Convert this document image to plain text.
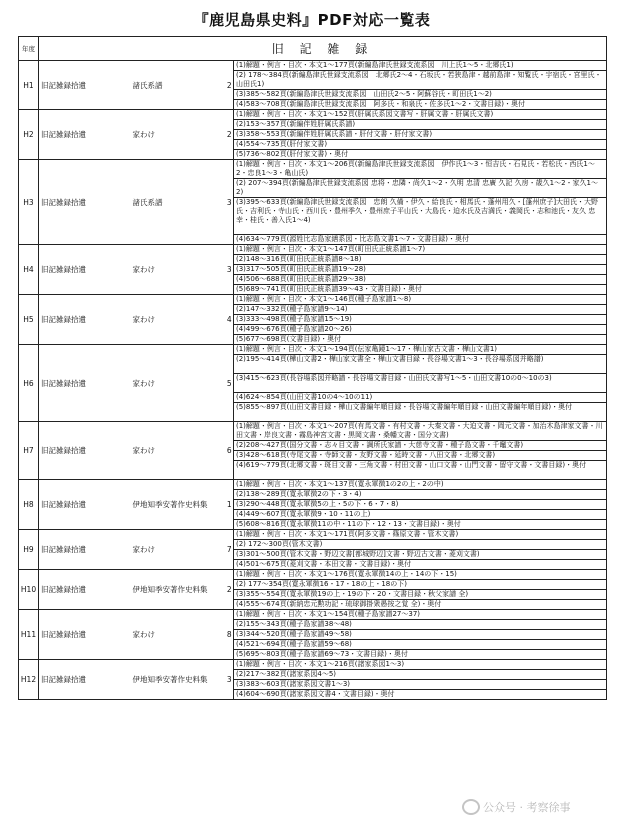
『鹿児島県史料』PDF対応一覧表
年度	旧 記 雑 録			
H1	旧記雑録拾遺	諸氏系譜	2	(1)解題・例言・目次・本文1～177頁(新編島津氏世録支流系図　川上氏1～5・北郷氏1)
(2) 178～384頁(新編島津氏世録支流系図　北郷氏2～4・石坂氏・若狭島津・越前島津・知覧氏・宇宿氏・宮里氏・山田氏1)
(3)385～582頁(新編島津氏世録支流系図　山田氏2～5・阿蘇谷氏・町田氏1～2)
(4)583～708頁(新編島津氏世録支流系図　阿多氏・和泉氏・佐多氏1～2・文書目録)・奥付

H2	旧記雑録拾遺	家わけ	2	(1)解題・例言・目次・本文1～152頁(肝属氏系図文書写・肝属文書・肝属氏文書)
(2)153～357頁(新編伴姓肝属氏系譜)
(3)358～553頁(新編伴姓肝属氏系譜・肝付文書・肝付家文書)
(4)554～735頁(肝付家文書)
(5)736～802頁(肝付家文書)・奥付

H3	旧記雑録拾遺	諸氏系譜	3	(1)解題・例言・目次・本文1～206頁(新編島津氏世録支流系図　伊作氏1～3・恒吉氏・石見氏・若松氏・西氏1～2・忠良1～3・亀山氏)
(2) 207～394頁(新編島津氏世録支流系図 忠将・忠隣・尚久1～2・久明 忠清 忠廣 久記 久房・歳久1～2・家久1～2)
(3)395～633頁(新編島津氏世録支流系図　忠朗 久備・伊久・給良氏・相馬氏・蓬州用久・[蓬州庶子]大田氏・大野氏・吉利氏・寺山氏・西川氏・豊州季久・豊州庶子平山氏・大島氏・迫水氏及吉満氏・義岡氏・志和池氏・友久 忠幸・桂氏・善入氏1～4)
(4)634～779頁(源姓比志島家繕系図・比志島文書1～7・文書目録)・奥付

H4	旧記雑録拾遺	家わけ	3	(1)解題・例言・目次・本文1～147頁(町田氏正統系譜1～7)
(2)148～316頁(町田氏正統系譜8～18)
(3)317～505頁(町田氏正統系譜19～28)
(4)506～688頁(町田氏正統系譜29～38)
(5)689～741頁(町田氏正統系譜39～43・文書目録)・奥付

H5	旧記雑録拾遺	家わけ	4	(1)解題・例言・目次・本文1～146頁(種子島家譜1～8)
(2)147～332頁(種子島家譜9～14)
(3)333～498頁(種子島家譜15～19)
(4)499～676頁(種子島家譜20～26)
(5)677～698頁(文書目録)・奥付

H6	旧記雑録拾遺	家わけ	5	(1)解題・例言・目次・本文1～194頁(伝家亀鏡1～17・樺山家古文書・樺山文書1)
(2)195～414頁(樺山文書2・樺山家文書全・樺山文書目録・長谷場文書1～3・長谷場系図并略譜)
(3)415～623頁(長谷場系図并略譜・長谷場文書目録・山田氏文書写1～5・山田文書10の0～10の3)
(4)624～854頁(山田文書10の4～10の11)
(5)855～897頁(山田文書目録・樺山文書編年順目録・長谷場文書編年順目録・山田文書編年順目録)・奥付

H7	旧記雑録拾遺	家わけ	6	(1)解題・例言・目次・本文1～207頁(有馬文書・有村文書・大秦文書・大迫文書・岡元文書・加治木島津家文書・川田文書・岸良文書・霧島神宮文書・黒岡文書・桑幡文書・国分文書)
(2)208～427頁(国分文書・志々目文書・調所氏家譜・大慈寺文書・種子島文書・千竈文書)
(3)428～618頁(寺尾文書・寺師文書・友野文書・延時文書・八田文書・北郷文書)
(4)619～779頁(北郷文書・斑目文書・三角文書・村田文書・山口文書・山門文書・留守文書・文書目録)・奥付

H8	旧記雑録拾遺	伊地知季安著作史料集	1	(1)解題・例言・目次・本文1～137頁(寛永軍徴1の2の上・2の中)
(2)138～289頁(寛永軍徴2の下・3・4)
(3)290～448頁(寛永軍徴5の上・5の下・6・7・8)
(4)449～607頁(寛永軍徴9・10・11の上)
(5)608～816頁(寛永軍徴11の中・11の下・12・13・文書目録)・奥付

H9	旧記雑録拾遺	家わけ	7	(1)解題・例言・目次・本文1～171頁(阿多文書・篠原文書・管木文書)
(2) 172～300頁(管木文書)
(3)301～500頁(管木文書・野辺文書[都城野辺]文書・野辺古文書・菱刈文書)
(4)501～675頁(菱刈文書・本田文書・文書目録)・奥付

H10	旧記雑録拾遺	伊地知季安著作史料集	2	(1)解題・例言・目次・本文1～176頁(寛永軍徴14の上・14の下・15)
(2) 177～354頁(寛永軍徴16・17・18の上・18の下)
(3)355～554頁(寛永軍徴19の上・19の下・20・文書目録・秋父家譜 全)
(4)555～674頁(新納忠元勲功記・琉球御掛衆愚按之覚 全)・奥付

H11	旧記雑録拾遺	家わけ	8	(1)解題・例言・目次・本文1～154頁(種子島家譜27～37)
(2)155～343頁(種子島家譜38～48)
(3)344～520頁(種子島家譜49～58)
(4)521～694頁(種子島家譜59～68)
(5)695～803頁(種子島家譜69～73・文書目録)・奥付

H12	旧記雑録拾遺	伊地知季安著作史料集	3	(1)解題・例言・目次・本文1～216頁(諸家系図1～3)
(2)217～382頁(諸家系図4～5)
(3)383～603頁(諸家系図文書1～3)
(4)604～690頁(諸家系図文書4・文書目録)・奥付
公众号 · 考察徐事
